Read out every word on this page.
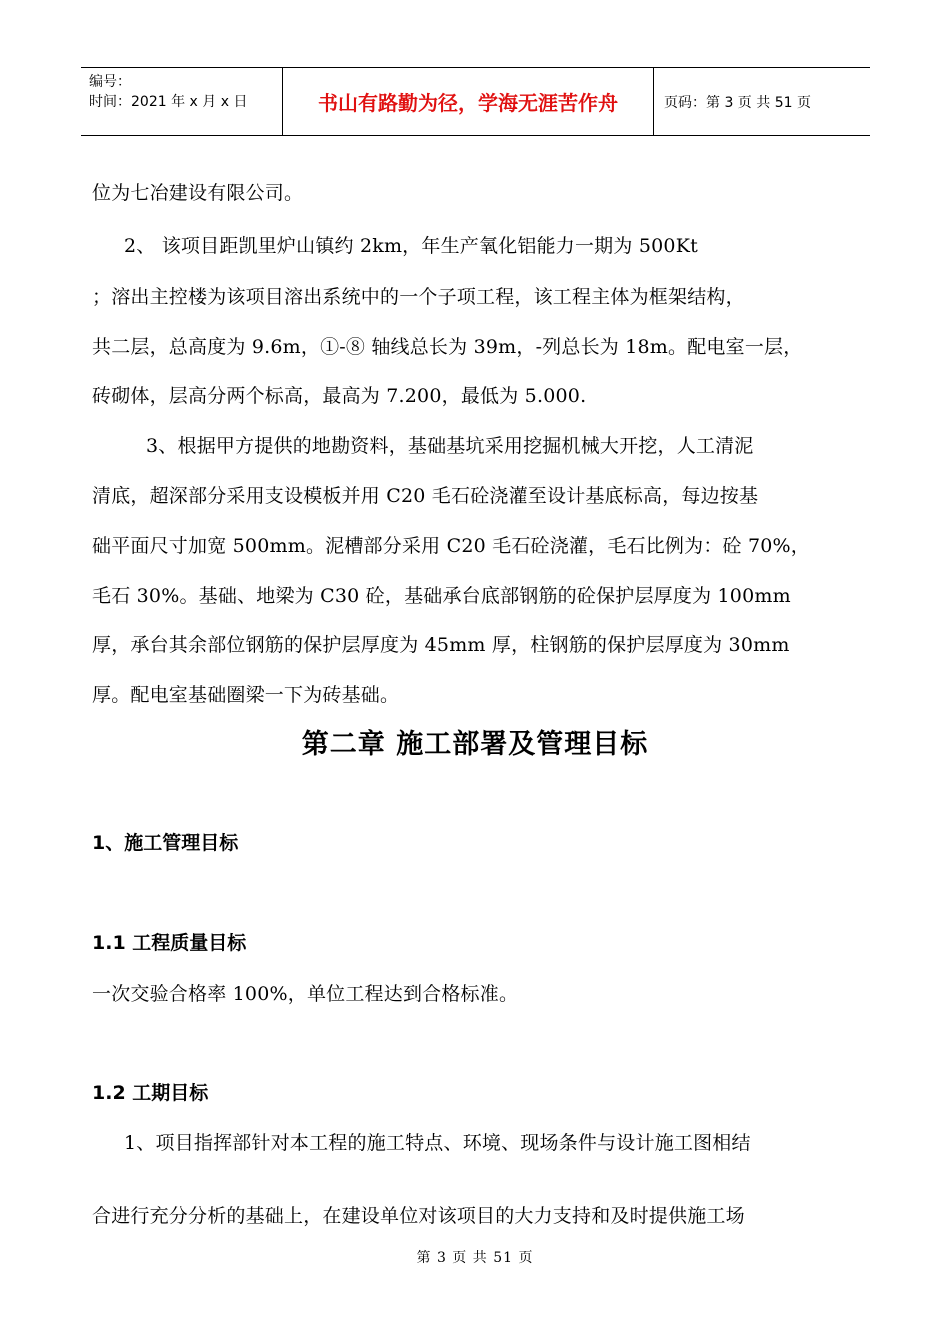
编号：
时间：2021 年 x 月 x 日	书山有路勤为径，学海无涯苦作舟	页码：第 3 页 共 51 页
位为七冶建设有限公司。
2、 该项目距凯里炉山镇约 2km，年生产氧化铝能力一期为 500Kt
；溶出主控楼为该项目溶出系统中的一个子项工程，该工程主体为框架结构，
共二层，总高度为 9.6m，①-⑧ 轴线总长为 39m，-列总长为 18m。配电室一层，
砖砌体，层高分两个标高，最高为 7.200，最低为 5.000.
3、根据甲方提供的地勘资料，基础基坑采用挖掘机械大开挖，人工清泥
清底，超深部分采用支设模板并用 C20 毛石砼浇灌至设计基底标高，每边按基
础平面尺寸加宽 500mm。泥槽部分采用 C20 毛石砼浇灌，毛石比例为：砼 70%，
毛石 30%。基础、地梁为 C30 砼，基础承台底部钢筋的砼保护层厚度为 100mm
厚，承台其余部位钢筋的保护层厚度为 45mm 厚，柱钢筋的保护层厚度为 30mm
厚。配电室基础圈梁一下为砖基础。
第二章 施工部署及管理目标
1、施工管理目标
1.1 工程质量目标
一次交验合格率 100%，单位工程达到合格标准。
1.2 工期目标
1、项目指挥部针对本工程的施工特点、环境、现场条件与设计施工图相结
合进行充分分析的基础上，在建设单位对该项目的大力支持和及时提供施工场
第 3 页 共 51 页
